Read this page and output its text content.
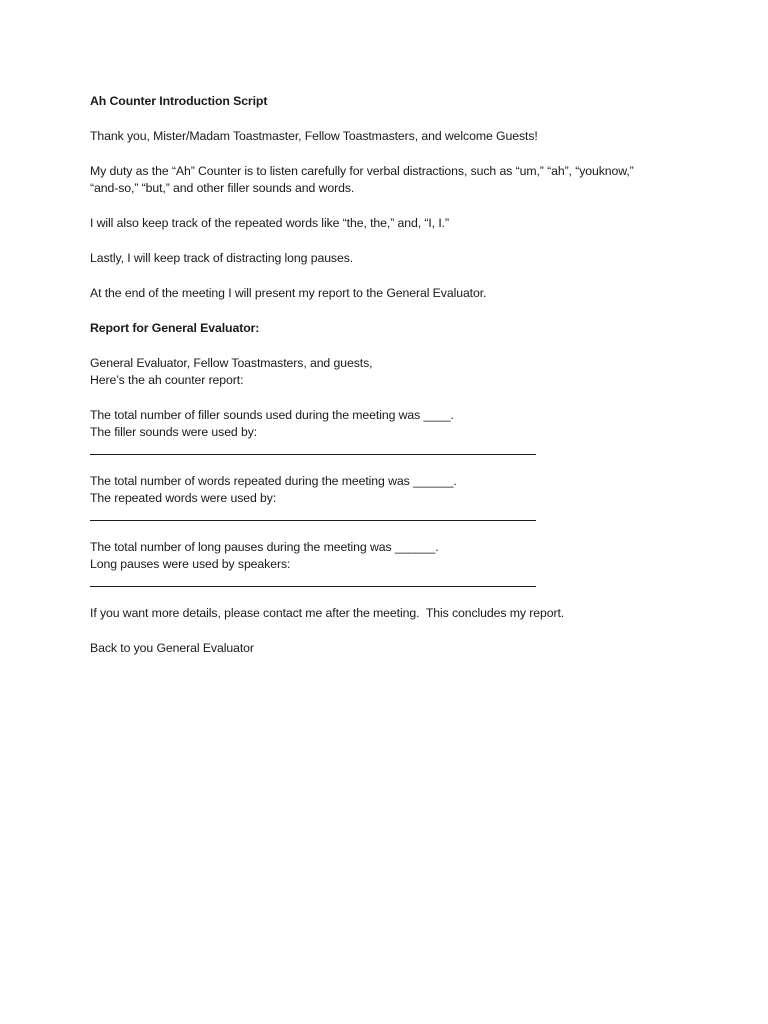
Ah Counter Introduction Script

Thank you, Mister/Madam Toastmaster, Fellow Toastmasters, and welcome Guests!

My duty as the “Ah” Counter is to listen carefully for verbal distractions, such as “um,” “ah”, “youknow,”

“and-so,” “but,” and other filler sounds and words.

I will also keep track of the repeated words like “the, the,” and, “I, I.”

Lastly, I will keep track of distracting long pauses.

At the end of the meeting I will present my report to the General Evaluator.

Report for General Evaluator:

General Evaluator, Fellow Toastmasters, and guests,

Here’s the ah counter report:

The total number of filler sounds used during the meeting was ____.

The filler sounds were used by:

The total number of words repeated during the meeting was ______.

The repeated words were used by:

The total number of long pauses during the meeting was ______.

Long pauses were used by speakers:

If you want more details, please contact me after the meeting.  This concludes my report.

Back to you General Evaluator
